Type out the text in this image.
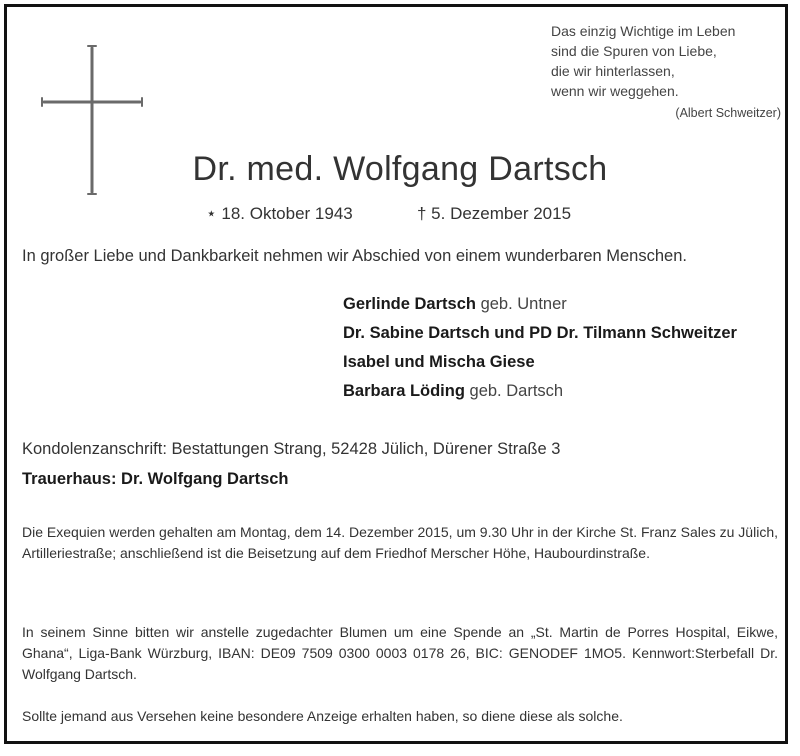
Das einzig Wichtige im Leben
sind die Spuren von Liebe,
die wir hinterlassen,
wenn wir weggehen.
(Albert Schweitzer)
Dr. med. Wolfgang Dartsch
⋆ 18. Oktober 1943	† 5. Dezember 2015
In großer Liebe und Dankbarkeit nehmen wir Abschied von einem wunderbaren Menschen.
Gerlinde Dartsch geb. Untner
Dr. Sabine Dartsch und PD Dr. Tilmann Schweitzer
Isabel und Mischa Giese
Barbara Löding geb. Dartsch
Kondolenzanschrift: Bestattungen Strang, 52428 Jülich, Dürener Straße 3
Trauerhaus: Dr. Wolfgang Dartsch
Die Exequien werden gehalten am Montag, dem 14. Dezember 2015, um 9.30 Uhr in der Kirche St. Franz Sales zu Jülich, Artilleriestraße; anschließend ist die Beisetzung auf dem Friedhof Merscher Höhe, Haubourdinstraße.
In seinem Sinne bitten wir anstelle zugedachter Blumen um eine Spende an „St. Martin de Porres Hospital, Eikwe, Ghana“, Liga-Bank Würzburg, IBAN: DE09 7509 0300 0003 0178 26, BIC: GENODEF 1MO5. Kennwort:Sterbefall Dr. Wolfgang Dartsch.
Sollte jemand aus Versehen keine besondere Anzeige erhalten haben, so diene diese als solche.
